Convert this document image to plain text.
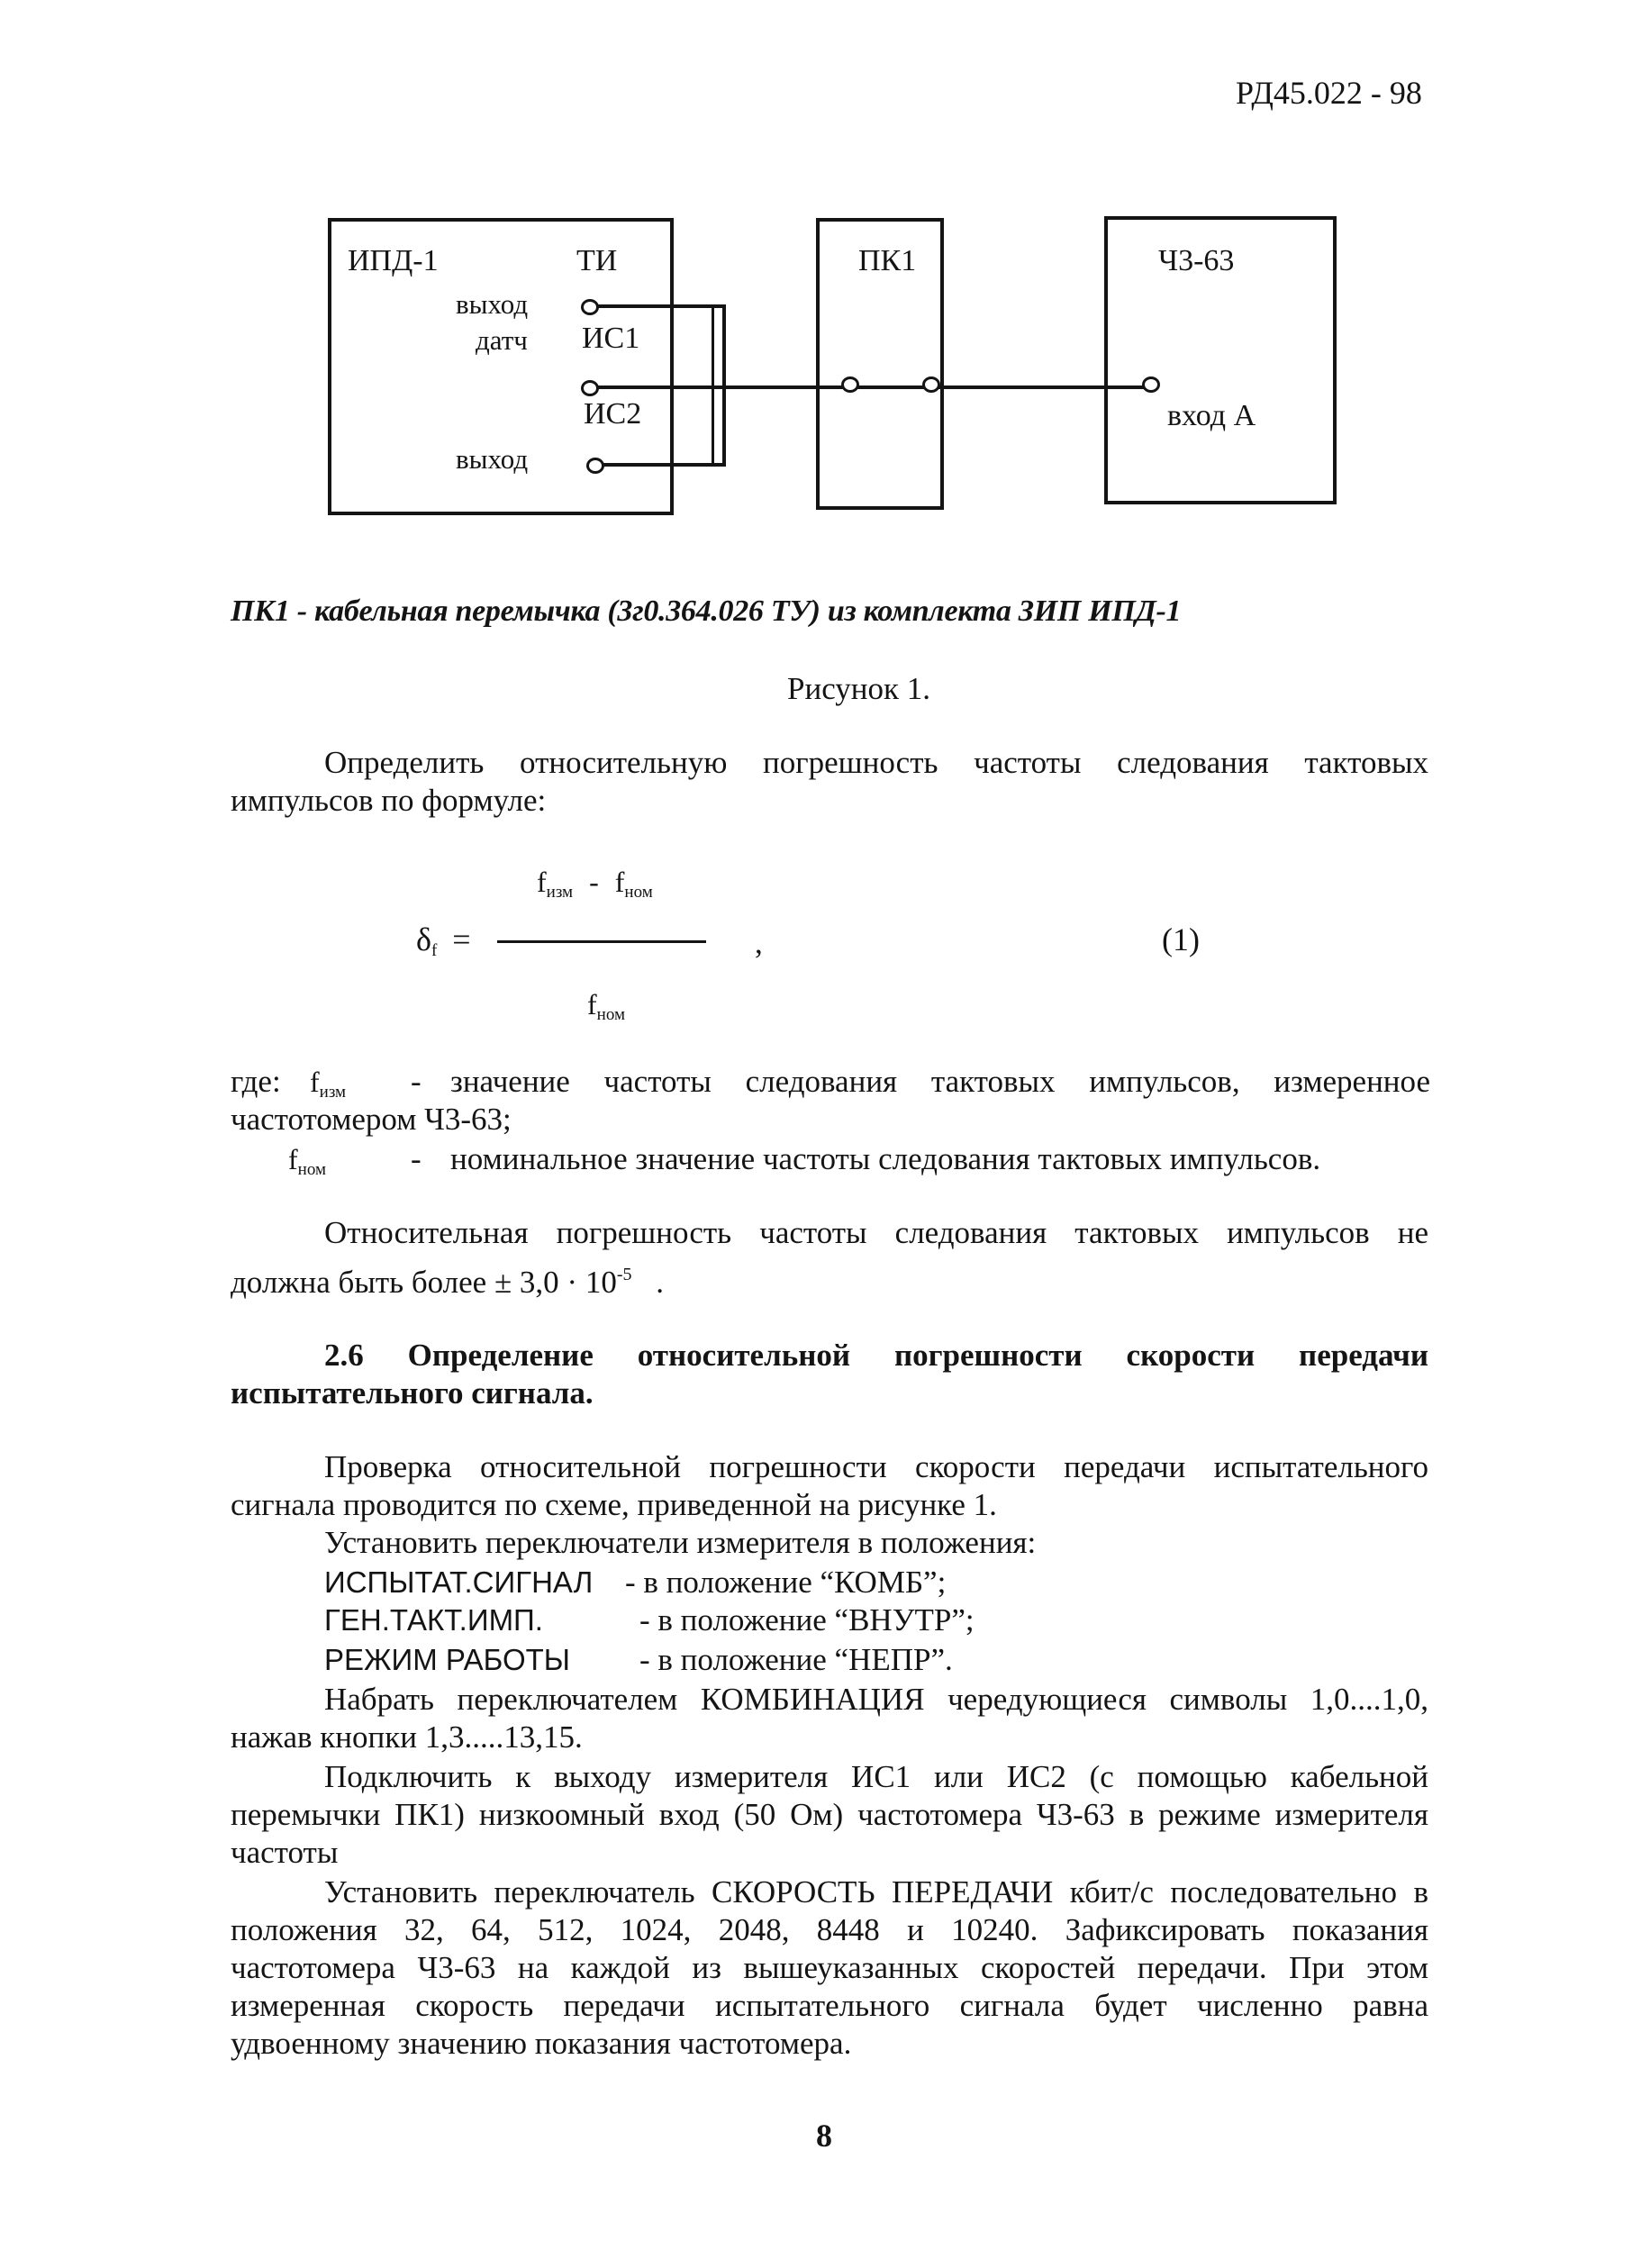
РД45.022 - 98
ИПД-1	ТИ
выход
датч ИС1
ИС2
выход
ПК1	Ч3-63
вход А
ПК1 - кабельная перемычка (3г0.364.026 ТУ) из комплекта ЗИП ИПД-1
Рисунок 1.
Определить относительную погрешность частоты следования тактовых
импульсов по формуле:
$f_{изм} - f_{ном}$
$\delta_f$ =	,	(1)
$f_{ном}$
где: $f_{изм}$ - значение частоты следования тактовых импульсов, измеренное
частотомером Ч3-63;
$f_{ном}$	- номинальное значение частоты следования тактовых импульсов.
Относительная погрешность частоты следования тактовых импульсов не
должна быть более ± $3,0 \cdot 10^{-5}$ .
2.6 Определение относительной погрешности скорости передачи
испытательного сигнала.
Проверка относительной погрешности скорости передачи испытательного
сигнала проводится по схеме, приведенной на рисунке 1.
Установить переключатели измерителя в положения:
ИСПЫТАТ.СИГНАЛ - в положение “КОМБ”;
ГЕН.ТАКТ.ИМП.	- в положение “ВНУТР”;
РЕЖИМ РАБОТЫ - в положение “НЕПР”.
Набрать переключателем КОМБИНАЦИЯ чередующиеся символы 1,0....1,0,
нажав кнопки 1,3.....13,15.
Подключить к выходу измерителя ИС1 или ИС2 (с помощью кабельной
перемычки ПК1) низкоомный вход (50 Ом) частотомера Ч3-63 в режиме измерителя
частоты
Установить переключатель СКОРОСТЬ ПЕРЕДАЧИ кбит/с последовательно в
положения 32, 64, 512, 1024, 2048, 8448 и 10240. Зафиксировать показания
частотомера Ч3-63 на каждой из вышеуказанных скоростей передачи. При этом
измеренная скорость передачи испытательного сигнала будет численно равна
удвоенному значению показания частотомера.
8
